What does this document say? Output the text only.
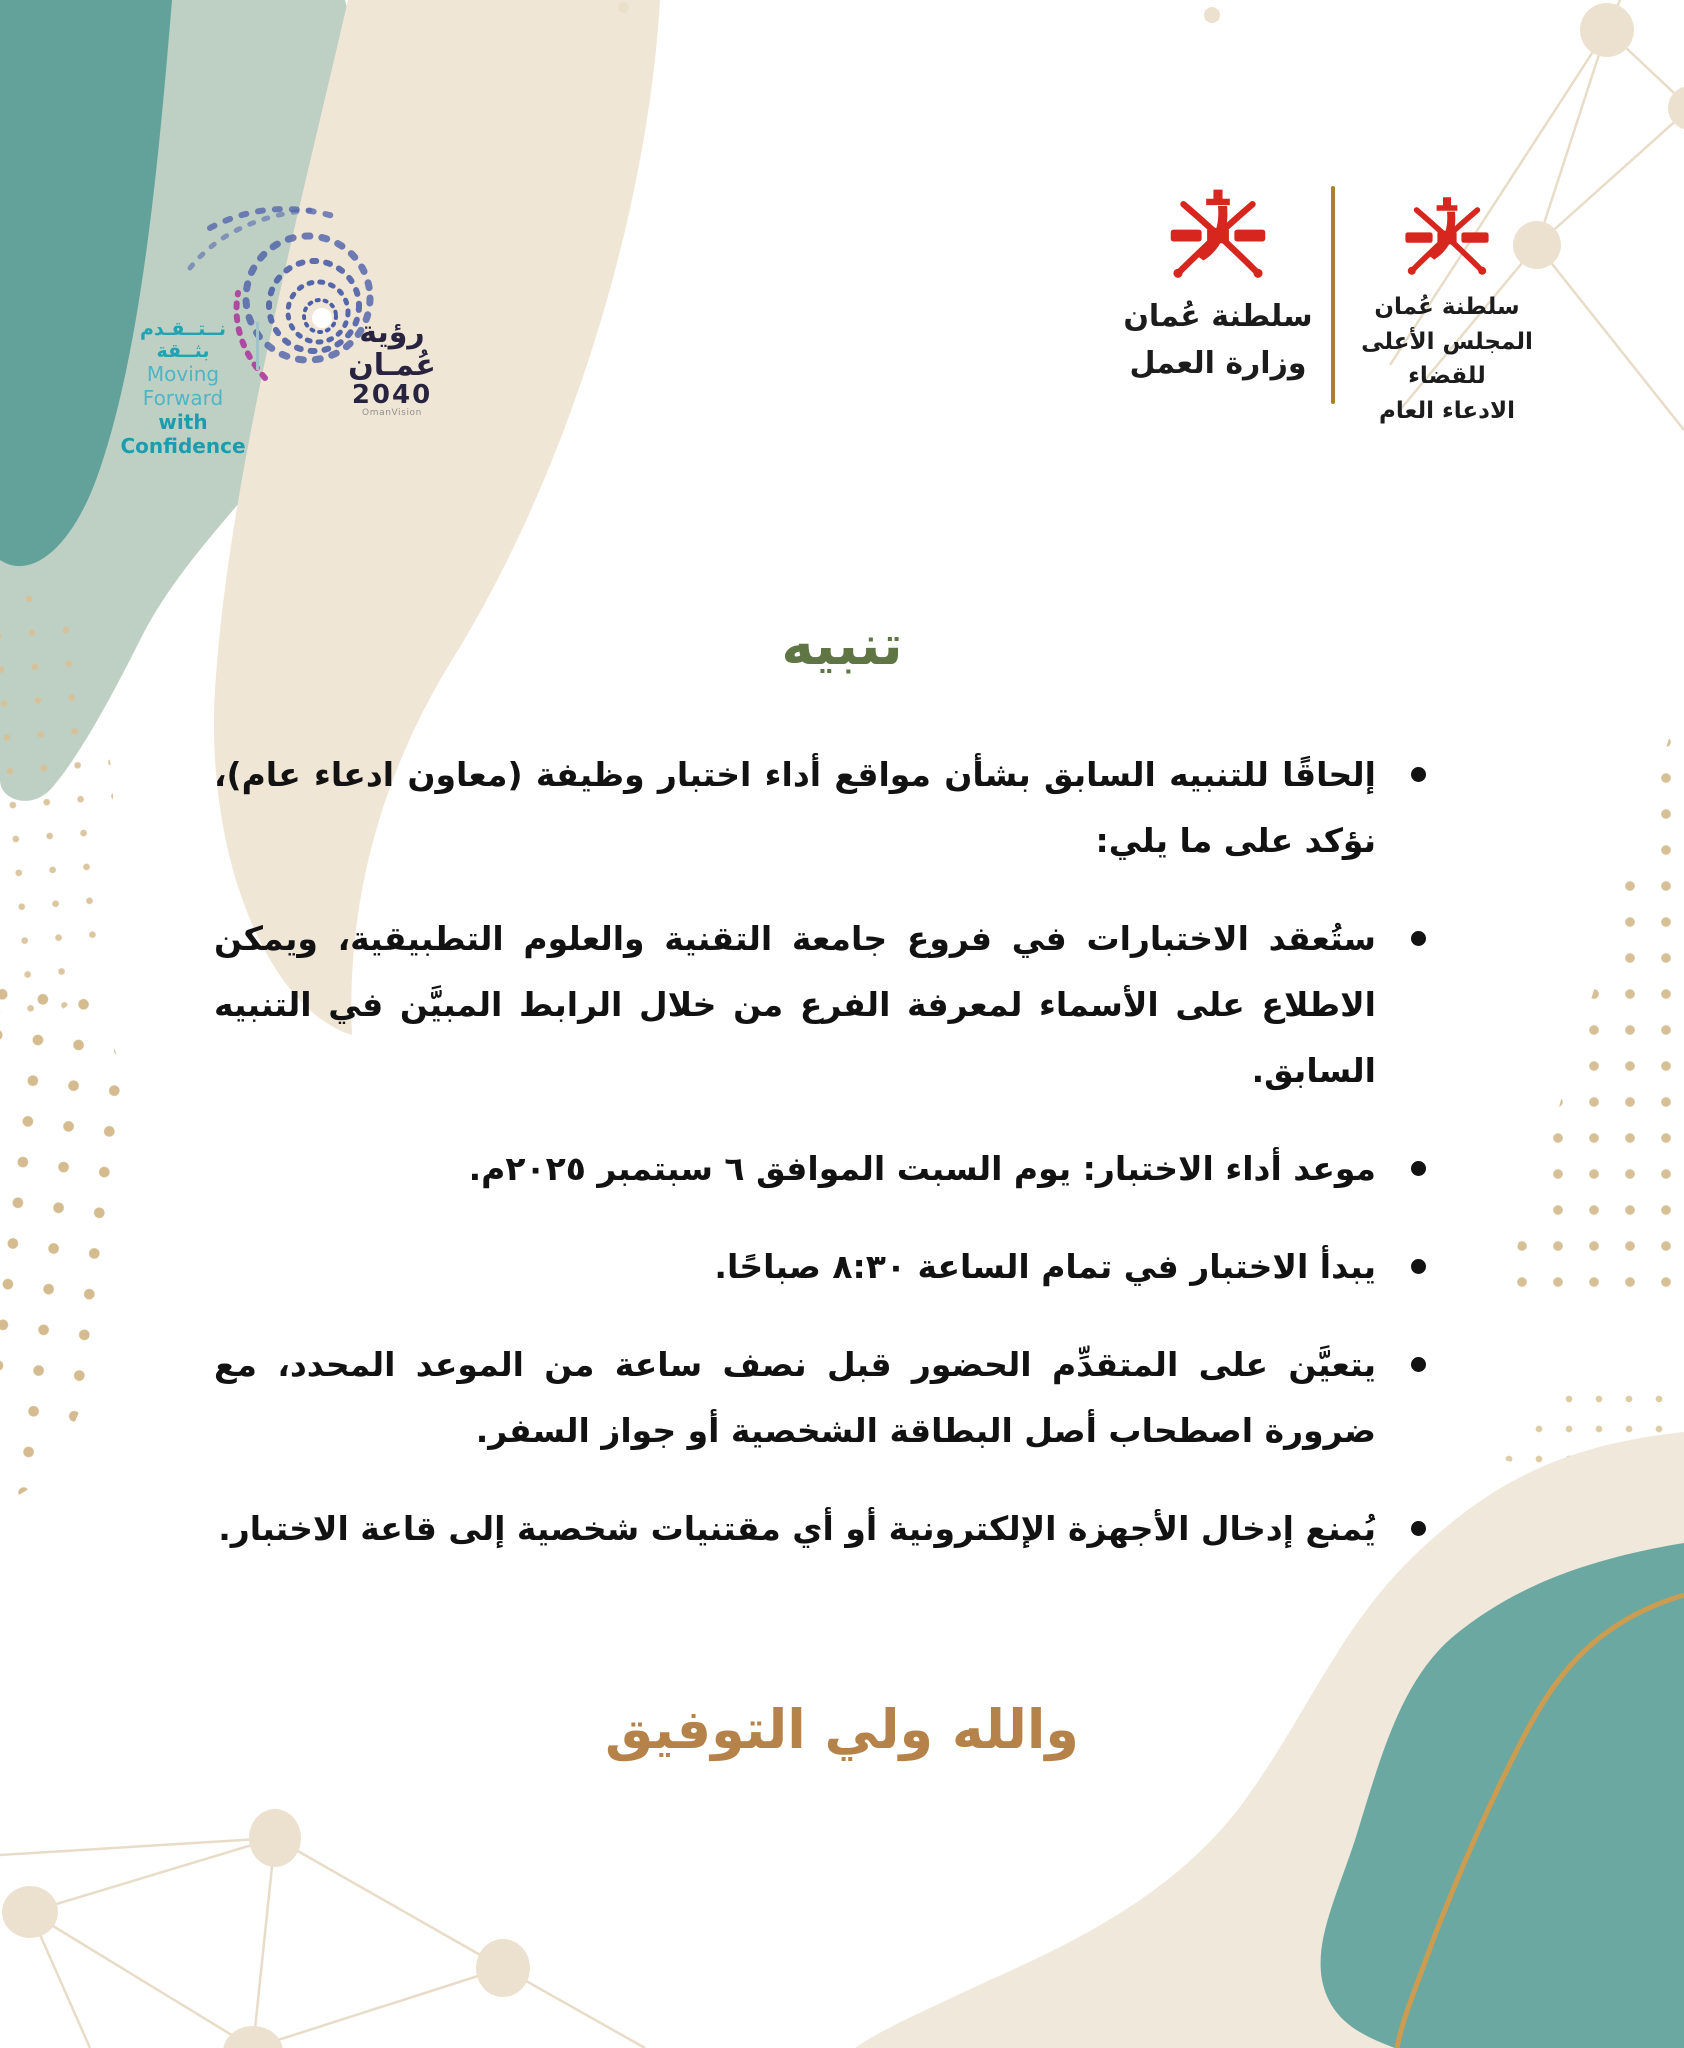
نــتــقـدم بثــقة
Moving Forward
with Confidence
رؤية عُمـان
2040
OmanVision
سلطنة عُمان
وزارة العمل
سلطنة عُمان
المجلس الأعلى للقضاء
الادعاء العام
تنبيه
إلحاقًا للتنبيه السابق بشأن مواقع أداء اختبار وظيفة (معاون ادعاء عام)، نؤكد على ما يلي:
ستُعقد الاختبارات في فروع جامعة التقنية والعلوم التطبيقية، ويمكن الاطلاع على الأسماء لمعرفة الفرع من خلال الرابط المبيَّن في التنبيه السابق.
موعد أداء الاختبار: يوم السبت الموافق ٦ سبتمبر ٢٠٢٥م.
يبدأ الاختبار في تمام الساعة ٨:٣٠ صباحًا.
يتعيَّن على المتقدِّم الحضور قبل نصف ساعة من الموعد المحدد، مع ضرورة اصطحاب أصل البطاقة الشخصية أو جواز السفر.
يُمنع إدخال الأجهزة الإلكترونية أو أي مقتنيات شخصية إلى قاعة الاختبار.
والله ولي التوفيق
